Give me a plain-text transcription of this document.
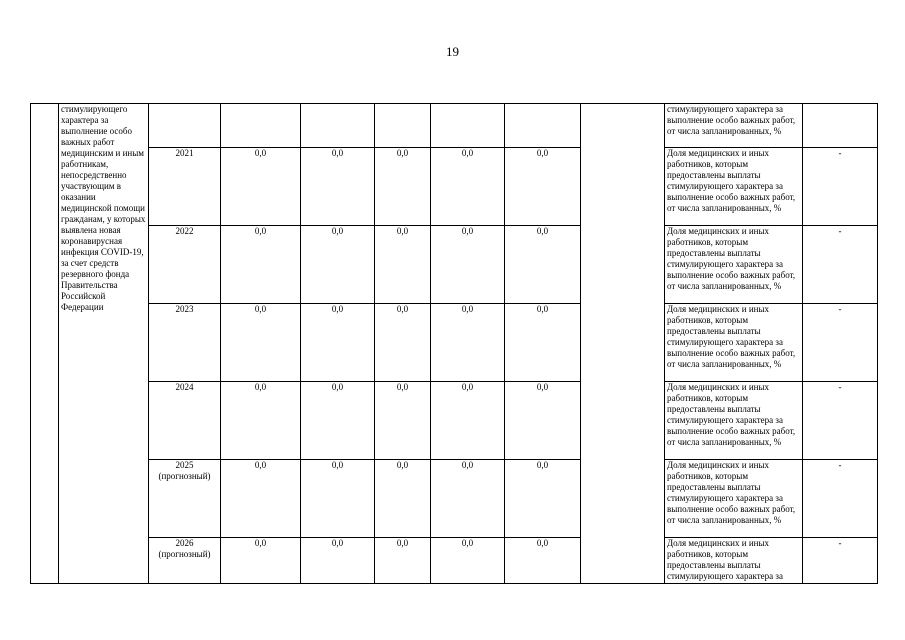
19
	стимулирующего характера за выполнение особо важных работ медицинским и иным работникам, непосредственно участвующим в оказании медицинской помощи гражданам, у которых выявлена новая коронавирусная инфекция COVID-19, за счет средств резервного фонда Правительства Российской Федерации								стимулирующего характера за выполнение особо важных работ, от числа запланированных, %	

		2021	0,0	0,0	0,0	0,0	0,0		Доля медицинских и иных работников, которым предоставлены выплаты стимулирующего характера за выполнение особо важных работ, от числа запланированных, %	-

		2022	0,0	0,0	0,0	0,0	0,0		Доля медицинских и иных работников, которым предоставлены выплаты стимулирующего характера за выполнение особо важных работ, от числа запланированных, %	-

		2023	0,0	0,0	0,0	0,0	0,0		Доля медицинских и иных работников, которым предоставлены выплаты стимулирующего характера за выполнение особо важных работ, от числа запланированных, %	-

		2024	0,0	0,0	0,0	0,0	0,0		Доля медицинских и иных работников, которым предоставлены выплаты стимулирующего характера за выполнение особо важных работ, от числа запланированных, %	-

		2025
(прогнозный)	0,0	0,0	0,0	0,0	0,0		Доля медицинских и иных работников, которым предоставлены выплаты стимулирующего характера за выполнение особо важных работ, от числа запланированных, %	-

		2026
(прогнозный)	0,0	0,0	0,0	0,0	0,0		Доля медицинских и иных работников, которым предоставлены выплаты стимулирующего характера за	-
